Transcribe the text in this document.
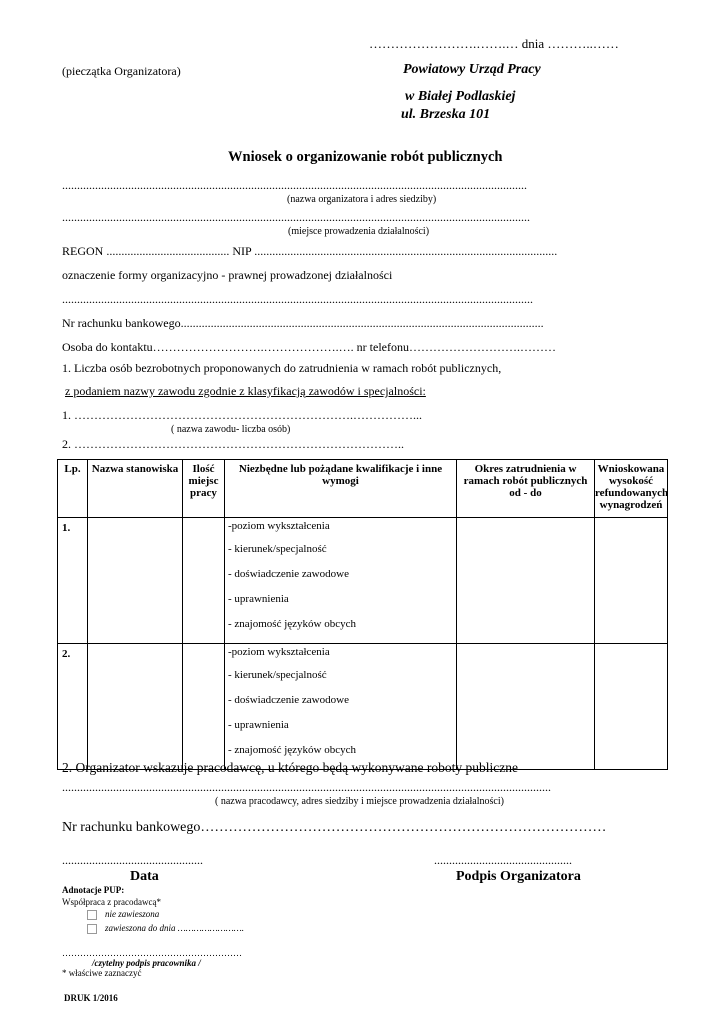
…………………….…….… dnia ………..……
(pieczątka Organizatora)	Powiatowy Urząd Pracy
w Białej Podlaskiej
ul. Brzeska 101
Wniosek o organizowanie robót publicznych
...........................................................................................................................................................
(nazwa organizatora i adres siedziby)
............................................................................................................................................................
(miejsce prowadzenia działalności)
REGON ......................................... NIP .....................................................................................................
oznaczenie formy organizacyjno - prawnej prowadzonej działalności
.............................................................................................................................................................
Nr rachunku bankowego.........................................................................................................................
Osoba do kontaktu……………………….……………….…. nr telefonu……………………….………
1. Liczba osób bezrobotnych proponowanych do zatrudnienia w ramach robót publicznych,
z podaniem nazwy zawodu zgodnie z klasyfikacją zawodów i specjalności:
1. …………………………………………………………….……………...
( nazwa zawodu- liczba osób)
2. ………………………………………………………………………..
Lp.	Nazwa stanowiska	Ilość miejsc pracy	Niezbędne lub pożądane kwalifikacje i inne wymogi	Okres zatrudnienia w ramach robót publicznych od - do	Wnioskowana wysokość refundowanych wynagrodzeń
1.			-poziom wykształcenia
- kierunek/specjalność
- doświadczenie zawodowe
- uprawnienia
- znajomość języków obcych		

2.			-poziom wykształcenia
- kierunek/specjalność
- doświadczenie zawodowe
- uprawnienia
- znajomość języków obcych		

2. Organizator wskazuje pracodawcę, u którego będą wykonywane roboty publiczne
...................................................................................................................................................................
( nazwa pracodawcy, adres siedziby i miejsce prowadzenia działalności)
Nr rachunku bankowego……………………………………………………………………………
...............................................
Data
..............................................
Podpis Organizatora
Adnotacje PUP:
Współpraca z pracodawcą*
nie zawieszona
zawieszona do dnia …………………….
……………………………………………………
/czytelny podpis pracownika /
* właściwe zaznaczyć
DRUK 1/2016
